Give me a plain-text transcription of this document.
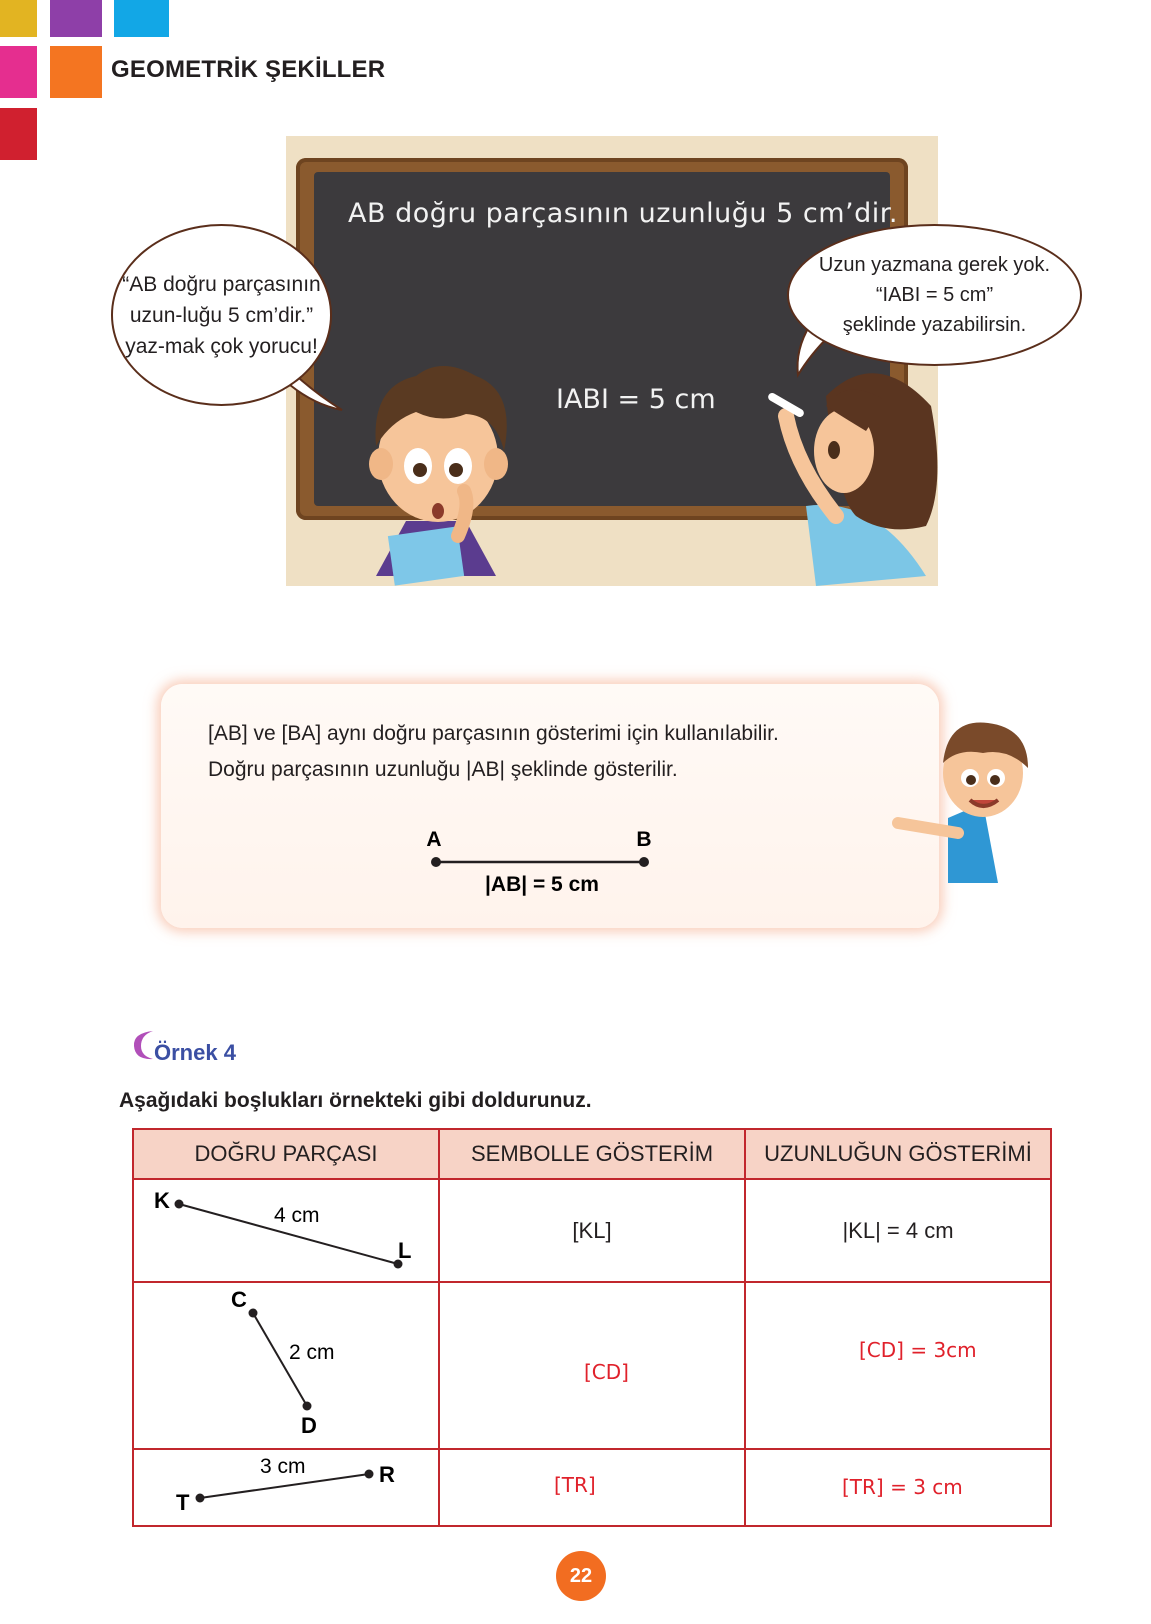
GEOMETRİK ŞEKİLLER
AB doğru parçasının uzunluğu 5 cm’dir.
IABI = 5 cm
“AB doğru parçasının uzun-luğu 5 cm’dir.” yaz-mak çok yorucu!
Uzun yazmana gerek yok.
“IABI = 5 cm”
şeklinde yazabilirsin.

[AB] ve [BA] aynı doğru parçasının gösterimi için kullanılabilir.

Doğru parçasının uzunluğu |AB| şeklinde gösterilir.

A	B
|AB| = 5 cm
Örnek 4
Aşağıdaki boşlukları örnekteki gibi doldurunuz.
DOĞRU PARÇASI	SEMBOLLE GÖSTERİM	UZUNLUĞUN GÖSTERİMİ

K
L
4 cm	[KL]	|KL| = 4 cm

C
D
2 cm	[CD]	[CD] = 3cm

T
R
3 cm	[TR]	[TR] = 3 cm
22
